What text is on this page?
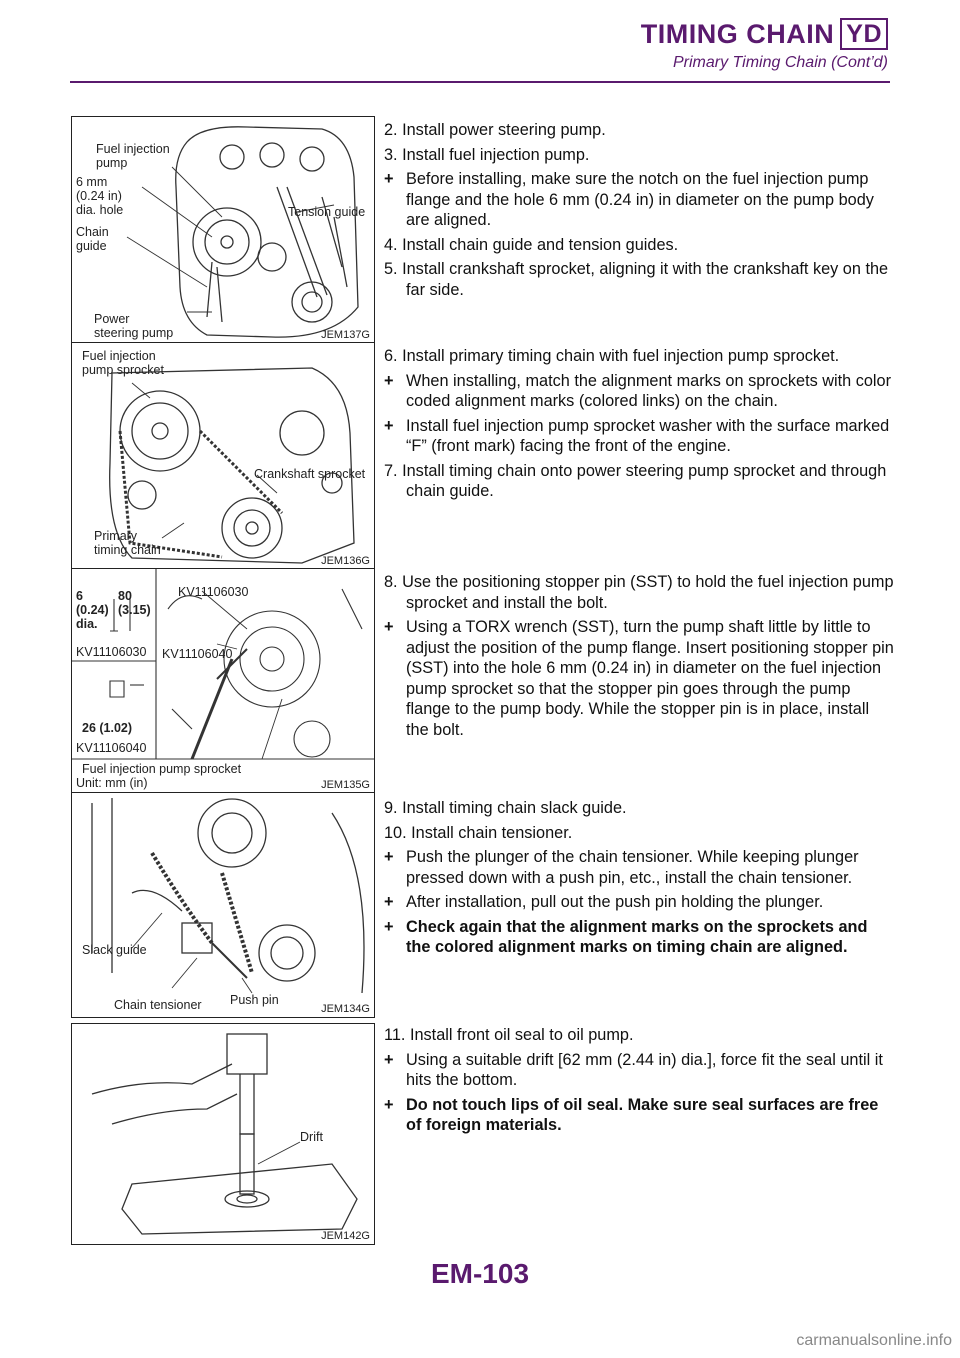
TIMING CHAIN YD
Primary Timing Chain (Cont’d)
Fuel injection
pump
6 mm
(0.24 in)
dia. hole	Tension guide
Chain
guide
Power
steering pump	JEM137G
Fuel injection
pump sprocket
Crankshaft sprocket
Primary
timing chain
JEM136G
6
(0.24)
dia.
80
(3.15)
KV11106030
KV11106030
KV11106040
26 (1.02)
KV11106040
Fuel injection pump sprocket
Unit: mm (in)	JEM135G
Slack guide
Chain tensioner Push pin
JEM134G
Drift
JEM142G

2. Install power steering pump.

3. Install fuel injection pump.

+ Before installing, make sure the notch on the fuel injection pump flange and the hole 6 mm (0.24 in) in diameter on the pump body are aligned.

4. Install chain guide and tension guides.

5. Install crankshaft sprocket, aligning it with the crankshaft key on the far side.

6. Install primary timing chain with fuel injection pump sprocket.

+ When installing, match the alignment marks on sprockets with color coded alignment marks (colored links) on the chain.
+ Install fuel injection pump sprocket washer with the surface marked “F” (front mark) facing the front of the engine.

7. Install timing chain onto power steering pump sprocket and through chain guide.

8. Use the positioning stopper pin (SST) to hold the fuel injection pump sprocket and install the bolt.

+ Using a TORX wrench (SST), turn the pump shaft little by little to adjust the position of the pump flange. Insert positioning stopper pin (SST) into the hole 6 mm (0.24 in) in diameter on the fuel injection pump sprocket so that the stopper pin goes through the pump flange to the pump body. While the stopper pin is in place, install the bolt.

9. Install timing chain slack guide.

10. Install chain tensioner.

+ Push the plunger of the chain tensioner. While keeping plunger pressed down with a push pin, etc., install the chain tensioner.
+ After installation, pull out the push pin holding the plunger.
+ Check again that the alignment marks on the sprockets and the colored alignment marks on timing chain are aligned.

11. Install front oil seal to oil pump.

+ Using a suitable drift [62 mm (2.44 in) dia.], force fit the seal until it hits the bottom.
+ Do not touch lips of oil seal. Make sure seal surfaces are free of foreign materials.
EM-103
carmanualsonline.info
